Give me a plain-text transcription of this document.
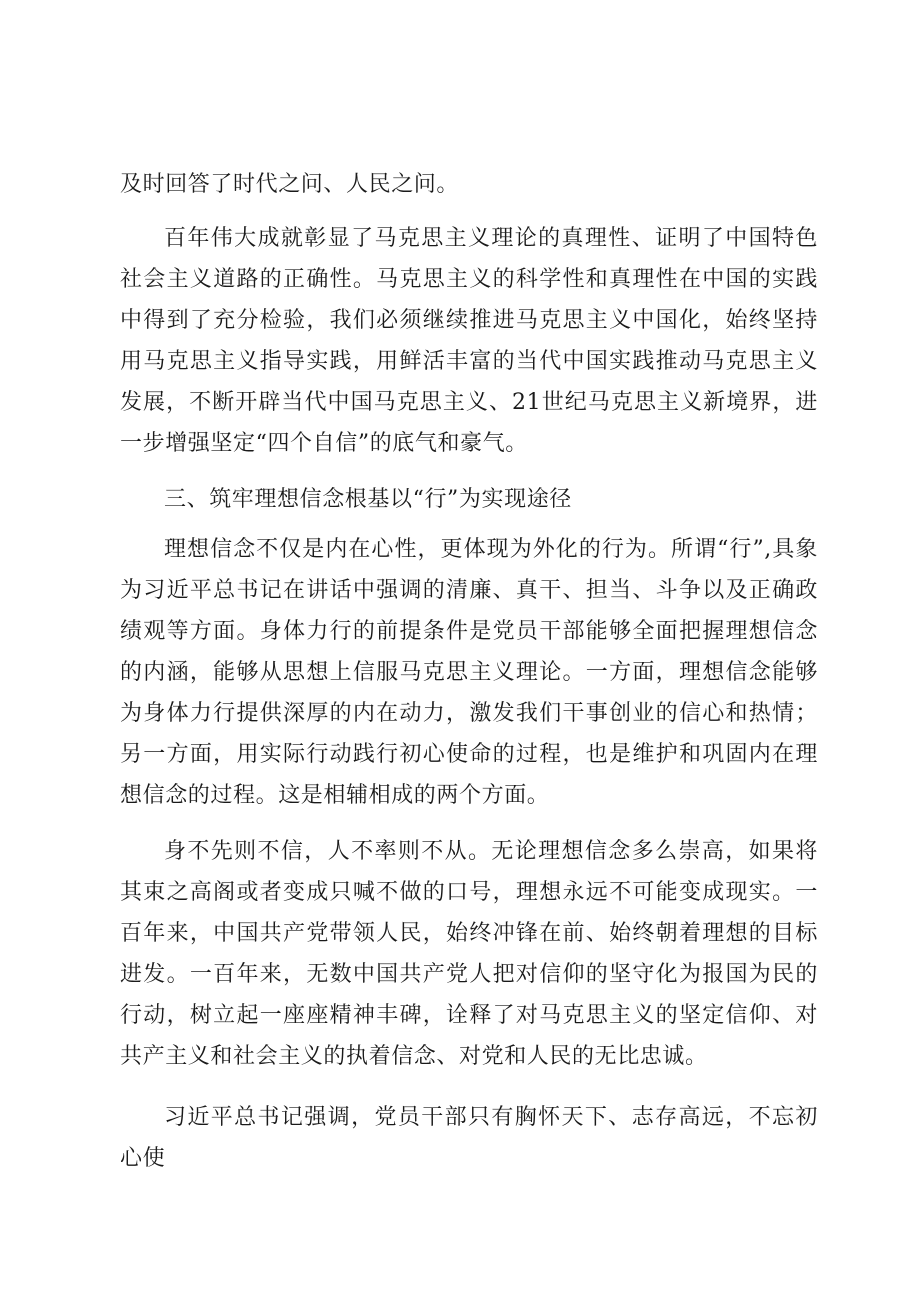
及时回答了时代之问、人民之问。

百年伟大成就彰显了马克思主义理论的真理性、证明了中国特色社会主义道路的正确性。马克思主义的科学性和真理性在中国的实践中得到了充分检验，我们必须继续推进马克思主义中国化，始终坚持用马克思主义指导实践，用鲜活丰富的当代中国实践推动马克思主义发展，不断开辟当代中国马克思主义、21世纪马克思主义新境界，进一步增强坚定“四个自信”的底气和豪气。

三、筑牢理想信念根基以“行”为实现途径

理想信念不仅是内在心性，更体现为外化的行为。所谓“行”,具象为习近平总书记在讲话中强调的清廉、真干、担当、斗争以及正确政绩观等方面。身体力行的前提条件是党员干部能够全面把握理想信念的内涵，能够从思想上信服马克思主义理论。一方面，理想信念能够为身体力行提供深厚的内在动力，激发我们干事创业的信心和热情；另一方面，用实际行动践行初心使命的过程，也是维护和巩固内在理想信念的过程。这是相辅相成的两个方面。

身不先则不信，人不率则不从。无论理想信念多么崇高，如果将其束之高阁或者变成只喊不做的口号，理想永远不可能变成现实。一百年来，中国共产党带领人民，始终冲锋在前、始终朝着理想的目标进发。一百年来，无数中国共产党人把对信仰的坚守化为报国为民的行动，树立起一座座精神丰碑，诠释了对马克思主义的坚定信仰、对共产主义和社会主义的执着信念、对党和人民的无比忠诚。

习近平总书记强调，党员干部只有胸怀天下、志存高远，不忘初心使
